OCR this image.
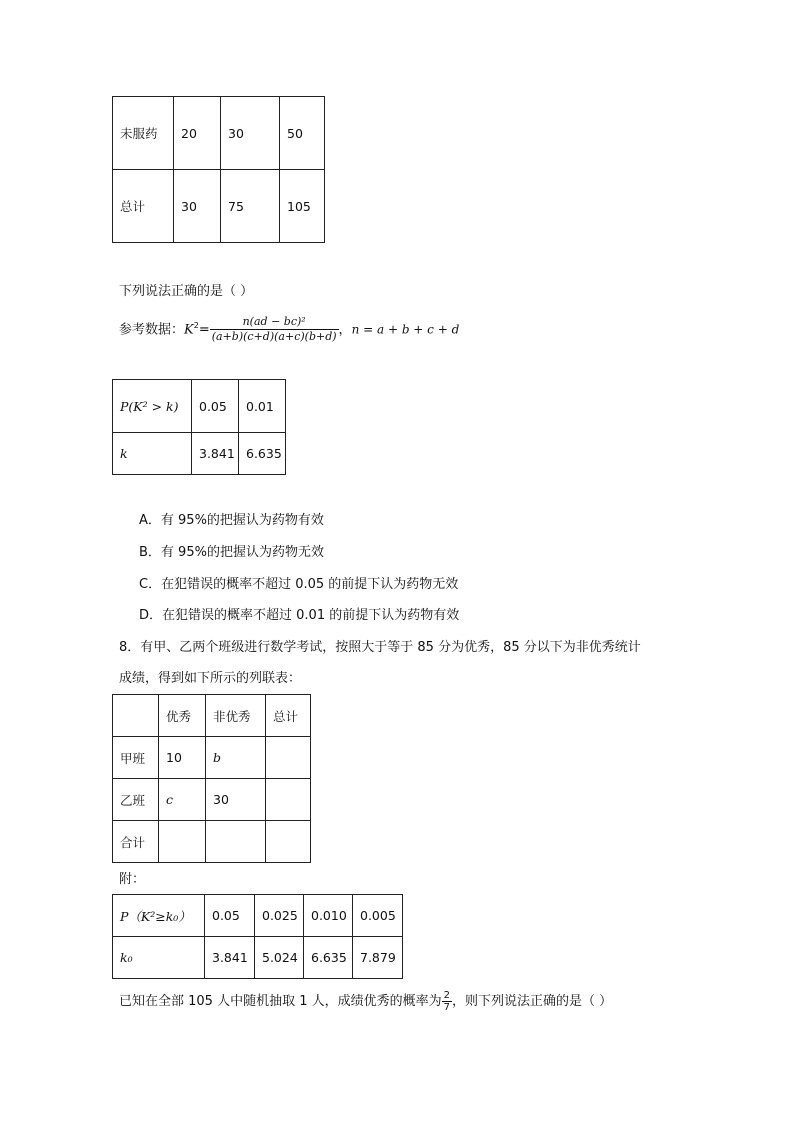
未服药	20	30	50
总计	30	75	105
下列说法正确的是（ ）
参考数据：$K^2= \frac{\text{n(ad − bc)²}}{(a+b)(c+d)(a+c)(b+d)}$ ，n = a + b + c + d
P(K² > k)	0.05	0.01
k	3.841	6.635
A．有 95%的把握认为药物有效
B．有 95%的把握认为药物无效
C．在犯错误的概率不超过 0.05 的前提下认为药物无效
D．在犯错误的概率不超过 0.01 的前提下认为药物有效
8．有甲、乙两个班级进行数学考试，按照大于等于 85 分为优秀，85 分以下为非优秀统计
成绩，得到如下所示的列联表：
	优秀	非优秀	总计
甲班	10	b	
乙班	c	30	
合计			
附：
P（K²≥k₀）	0.05	0.025	0.010	0.005
k₀	3.841	5.024	6.635	7.879
已知在全部 105 人中随机抽取 1 人，成绩优秀的概率为 $\frac{2}{7}$ ，则下列说法正确的是（ ）
